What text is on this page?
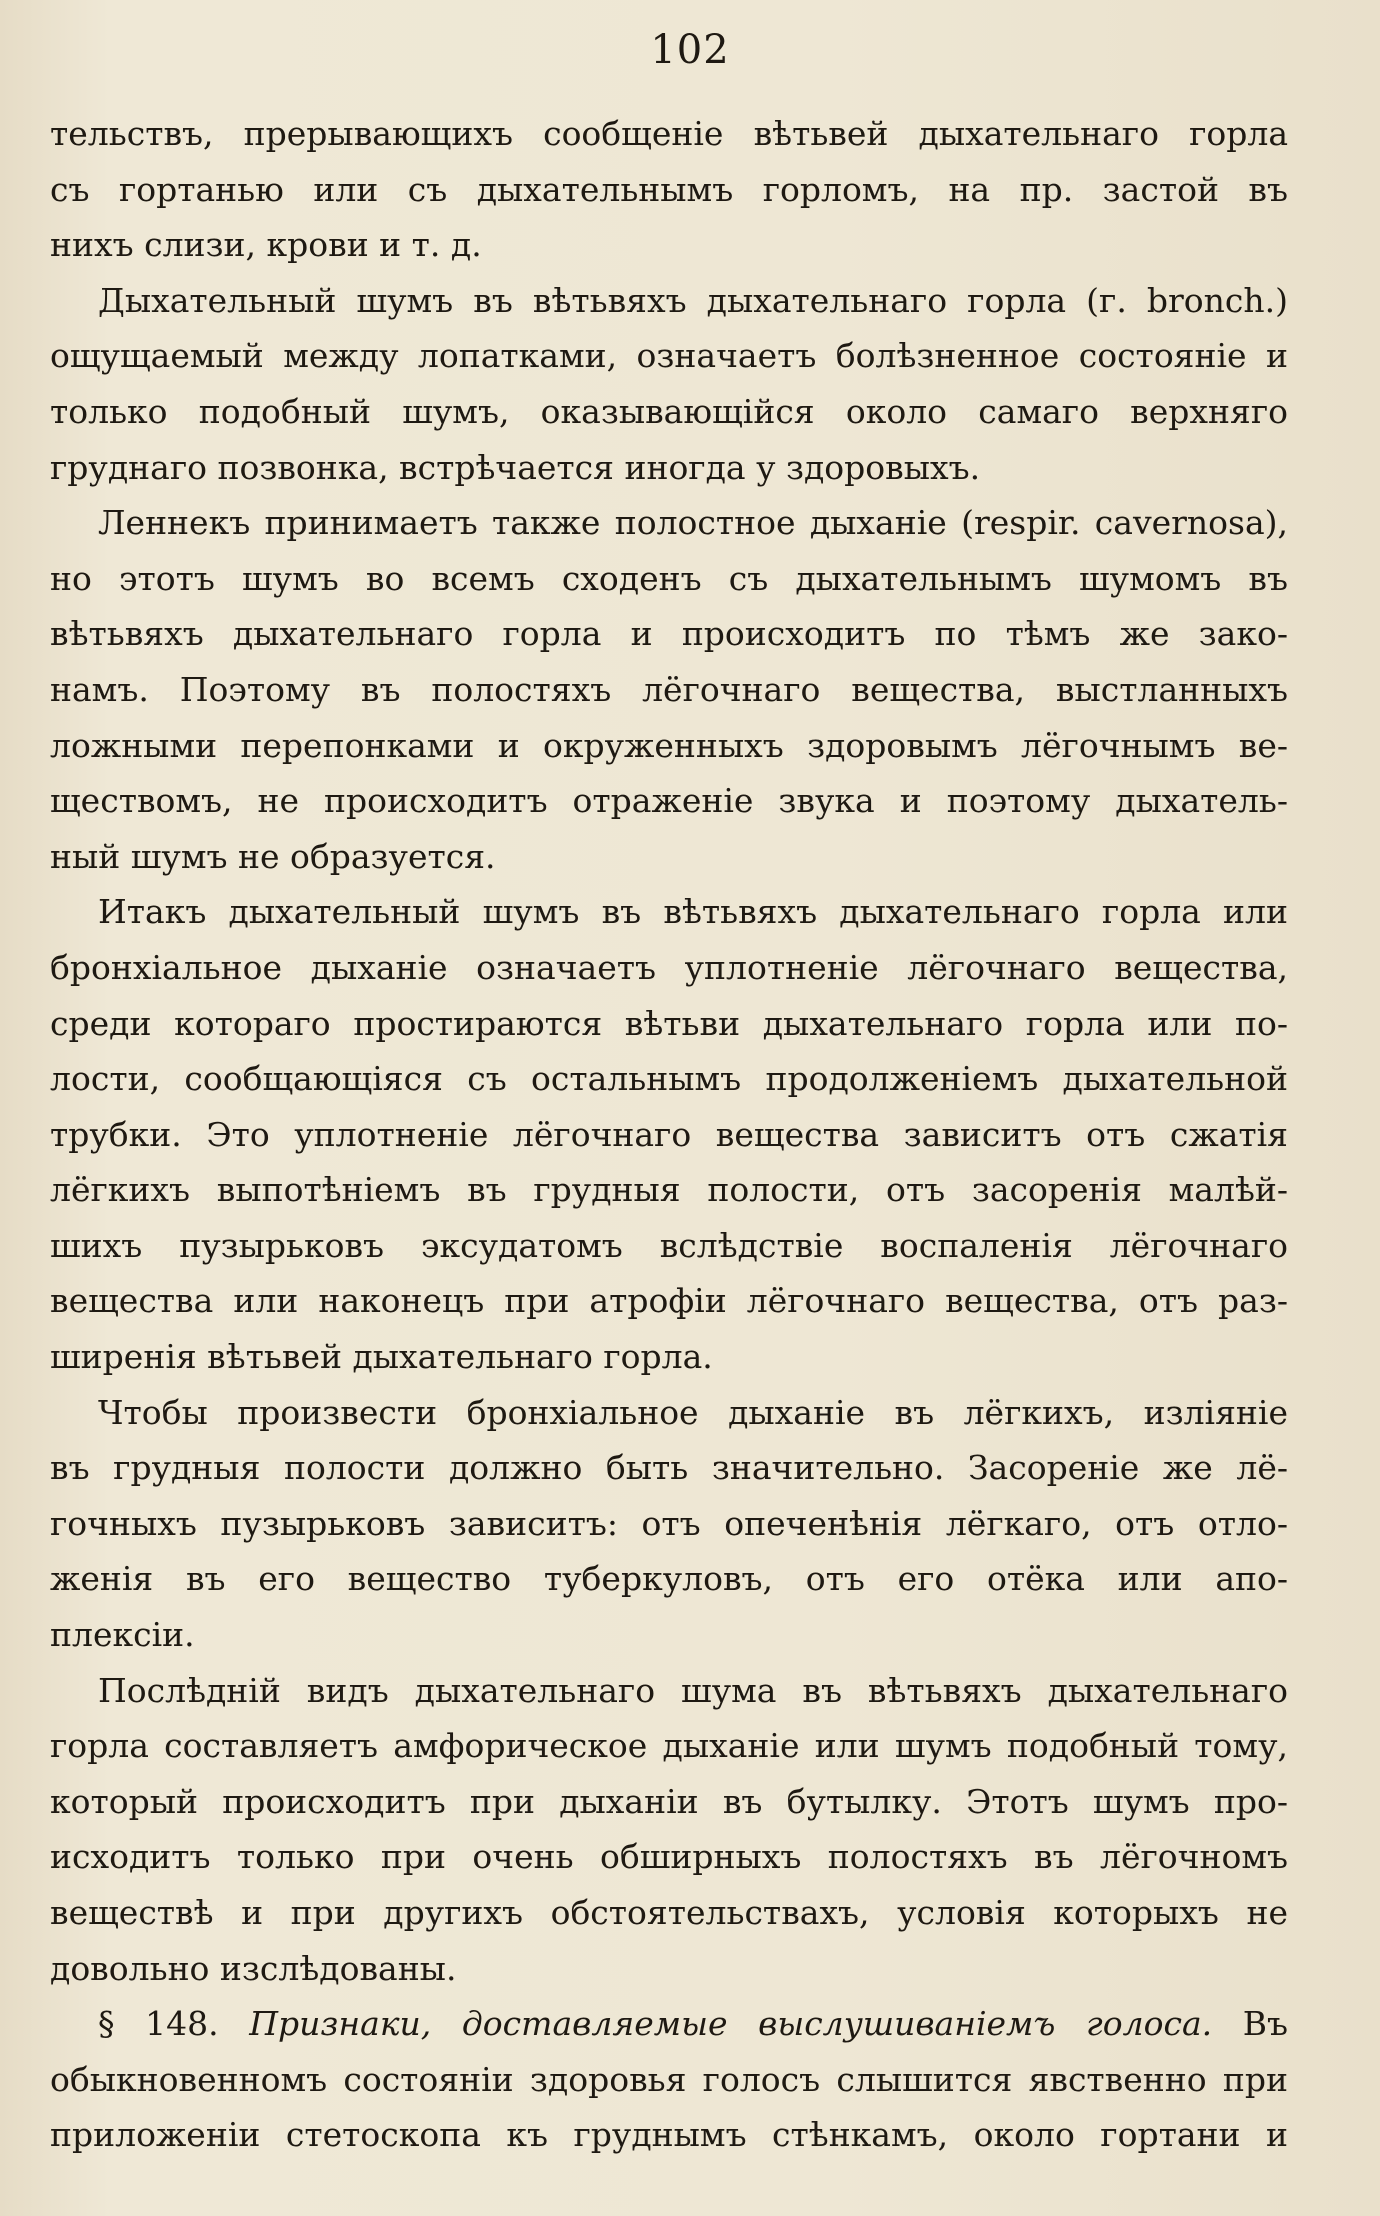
102
тельствъ, прерывающихъ сообщеніе вѣтьвей дыхательнаго горла
съ гортанью или съ дыхательнымъ горломъ, на пр. застой въ
нихъ слизи, крови и т. д.
Дыхательный шумъ въ вѣтьвяхъ дыхательнаго горла (г. bronch.)
ощущаемый между лопатками, означаетъ болѣзненное состояніе и
только подобный шумъ, оказывающійся около самаго верхняго
груднаго позвонка, встрѣчается иногда у здоровыхъ.
Леннекъ принимаетъ также полостное дыханіе (respir. cavernosa),
но этотъ шумъ во всемъ сходенъ съ дыхательнымъ шумомъ въ
вѣтьвяхъ дыхательнаго горла и происходитъ по тѣмъ же зако-
намъ. Поэтому въ полостяхъ лёгочнаго вещества, выстланныхъ
ложными перепонками и окруженныхъ здоровымъ лёгочнымъ ве-
ществомъ, не происходитъ отраженіе звука и поэтому дыхатель-
ный шумъ не образуется.
Итакъ дыхательный шумъ въ вѣтьвяхъ дыхательнаго горла или
бронхіальное дыханіе означаетъ уплотненіе лёгочнаго вещества,
среди котораго простираются вѣтьви дыхательнаго горла или по-
лости, сообщающіяся съ остальнымъ продолженіемъ дыхательной
трубки. Это уплотненіе лёгочнаго вещества зависитъ отъ сжатія
лёгкихъ выпотѣніемъ въ грудныя полости, отъ засоренія малѣй-
шихъ пузырьковъ эксудатомъ вслѣдствіе воспаленія лёгочнаго
вещества или наконецъ при атрофіи лёгочнаго вещества, отъ раз-
ширенія вѣтьвей дыхательнаго горла.
Чтобы произвести бронхіальное дыханіе въ лёгкихъ, изліяніе
въ грудныя полости должно быть значительно. Засореніе же лё-
гочныхъ пузырьковъ зависитъ: отъ опеченѣнія лёгкаго, отъ отло-
женія въ его вещество туберкуловъ, отъ его отёка или апо-
плексіи.
Послѣдній видъ дыхательнаго шума въ вѣтьвяхъ дыхательнаго
горла составляетъ амфорическое дыханіе или шумъ подобный тому,
который происходитъ при дыханіи въ бутылку. Этотъ шумъ про-
исходитъ только при очень обширныхъ полостяхъ въ лёгочномъ
веществѣ и при другихъ обстоятельствахъ, условія которыхъ не
довольно изслѣдованы.
§ 148. Признаки, доставляемые выслушиваніемъ голоса. Въ
обыкновенномъ состояніи здоровья голосъ слышится явственно при
приложеніи стетоскопа къ груднымъ стѣнкамъ, около гортани и
